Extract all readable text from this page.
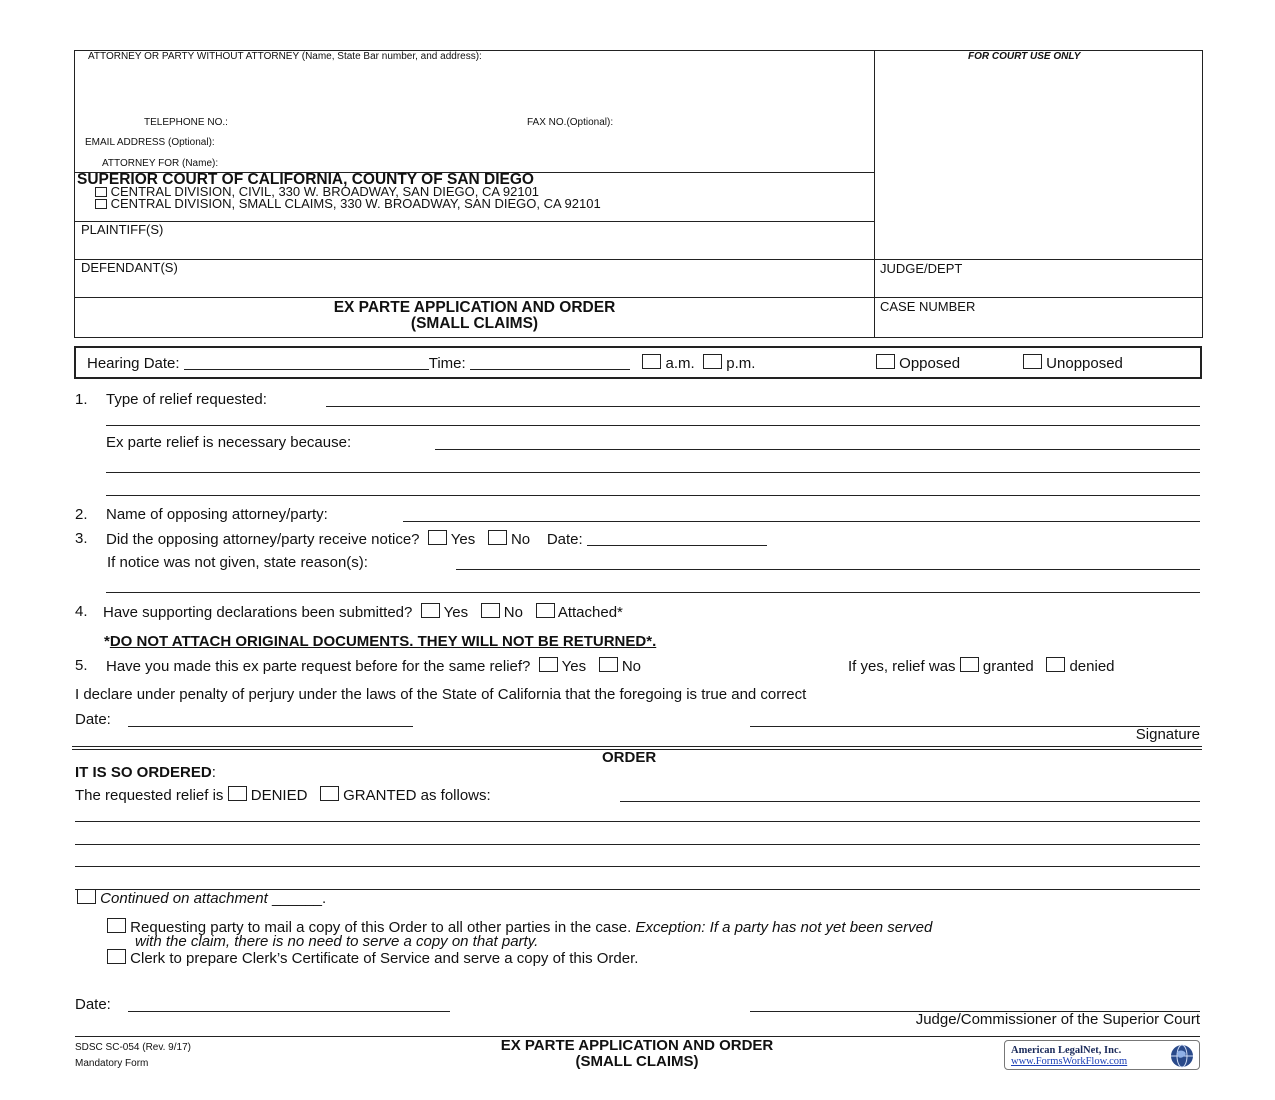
ATTORNEY OR PARTY WITHOUT ATTORNEY (Name, State Bar number, and address):	FOR COURT USE ONLY
TELEPHONE NO.:	FAX NO.(Optional):
EMAIL ADDRESS (Optional):
ATTORNEY FOR (Name):
SUPERIOR COURT OF CALIFORNIA, COUNTY OF SAN DIEGO
CENTRAL DIVISION, CIVIL, 330 W. BROADWAY, SAN DIEGO, CA 92101
CENTRAL DIVISION, SMALL CLAIMS, 330 W. BROADWAY, SAN DIEGO, CA 92101
PLAINTIFF(S)
DEFENDANT(S)	JUDGE/DEPT
CASE NUMBER
EX PARTE APPLICATION AND ORDER
(SMALL CLAIMS)
Hearing Date:	Time:	a.m. p.m.	Opposed	Unopposed
1. Type of relief requested:
Ex parte relief is necessary because:
2. Name of opposing attorney/party:
3. Did the opposing attorney/party receive notice? Yes No Date:
If notice was not given, state reason(s):
4. Have supporting declarations been submitted? Yes No Attached*
*DO NOT ATTACH ORIGINAL DOCUMENTS. THEY WILL NOT BE RETURNED*.
5. Have you made this ex parte request before for the same relief? Yes No	If yes, relief was granted denied
I declare under penalty of perjury under the laws of the State of California that the foregoing is true and correct
Date:
Signature
ORDER
IT IS SO ORDERED:
The requested relief is DENIED GRANTED as follows:
Continued on attachment ______.
Requesting party to mail a copy of this Order to all other parties in the case. Exception: If a party has not yet been served
with the claim, there is no need to serve a copy on that party.
Clerk to prepare Clerk’s Certificate of Service and serve a copy of this Order.
Date:
Judge/Commissioner of the Superior Court
SDSC SC-054 (Rev. 9/17)
Mandatory Form
EX PARTE APPLICATION AND ORDER
(SMALL CLAIMS)
American LegalNet, Inc.
www.FormsWorkFlow.com
